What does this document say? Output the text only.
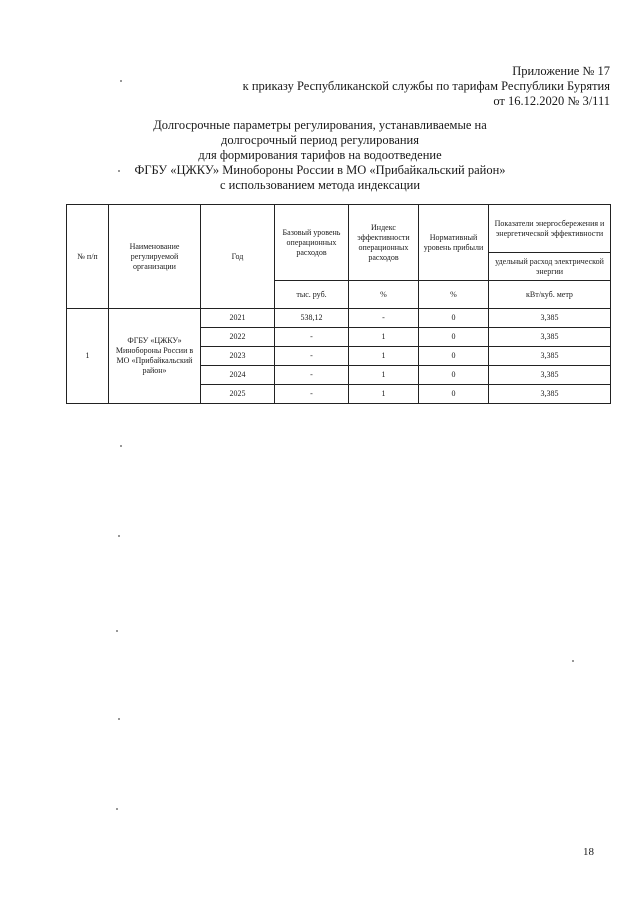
Приложение № 17
к приказу Республиканской службы по тарифам Республики Бурятия
от 16.12.2020 № 3/111
Долгосрочные параметры регулирования, устанавливаемые на
долгосрочный период регулирования
для формирования тарифов на водоотведение
ФГБУ «ЦЖКУ» Минобороны России в МО «Прибайкальский район»
с использованием метода индексации
№ п/п	Наименование регулируемой организации	Год	Базовый уровень операционных расходов	Индекс эффективности операционных расходов	Нормативный уровень прибыли	Показатели энергосбережения и энергетической эффективности
						удельный расход электрической энергии
			тыс. руб.	%	%	кВт/куб. метр
1	ФГБУ «ЦЖКУ» Минобороны России в МО «Прибайкальский район»	2021	538,12	-	0	3,385
		2022	-	1	0	3,385
		2023	-	1	0	3,385
		2024	-	1	0	3,385
		2025	-	1	0	3,385
18
